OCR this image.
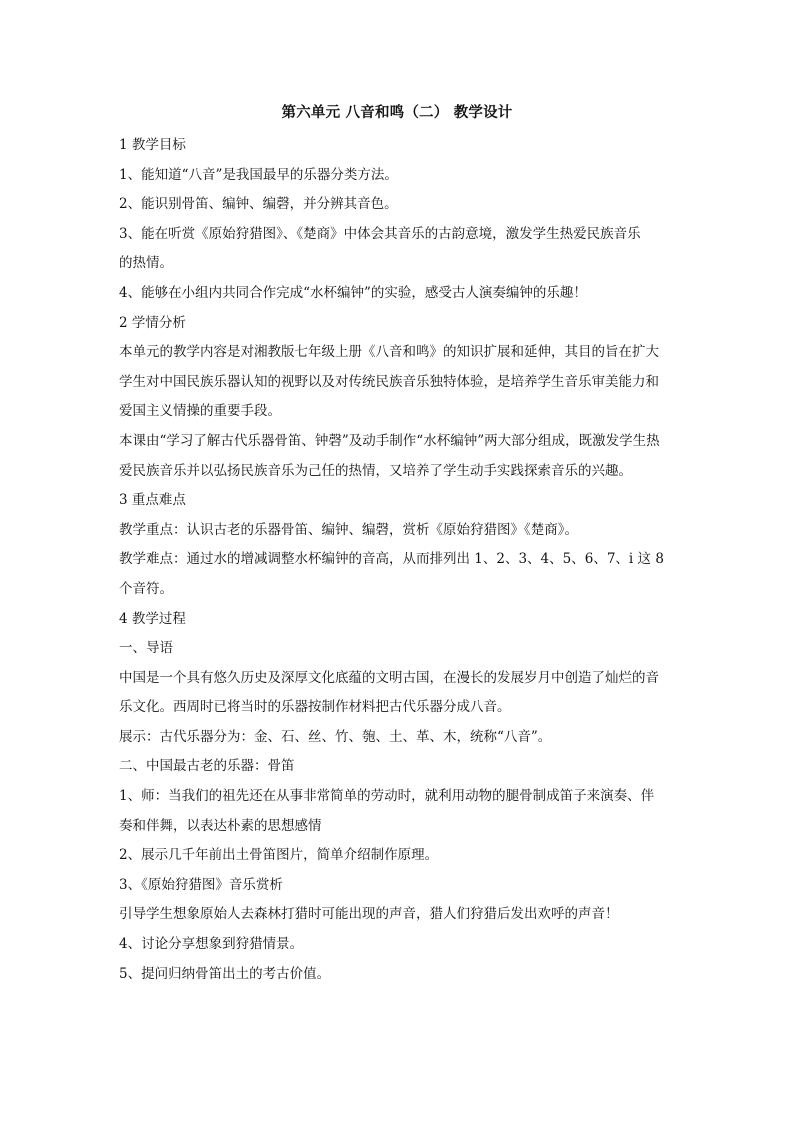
第六单元 八音和鸣（二） 教学设计
1 教学目标
1、能知道“八音”是我国最早的乐器分类方法。
2、能识别骨笛、编钟、编磬，并分辨其音色。
3、能在听赏《原始狩猎图》、《楚商》中体会其音乐的古韵意境，激发学生热爱民族音乐
的热情。
4、能够在小组内共同合作完成“水杯编钟”的实验，感受古人演奏编钟的乐趣！
2 学情分析
本单元的教学内容是对湘教版七年级上册《八音和鸣》的知识扩展和延伸，其目的旨在扩大
学生对中国民族乐器认知的视野以及对传统民族音乐独特体验，是培养学生音乐审美能力和
爱国主义情操的重要手段。
本课由“学习了解古代乐器骨笛、钟磬”及动手制作“水杯编钟”两大部分组成，既激发学生热
爱民族音乐并以弘扬民族音乐为己任的热情，又培养了学生动手实践探索音乐的兴趣。
3 重点难点
教学重点：认识古老的乐器骨笛、编钟、编磬，赏析《原始狩猎图》《楚商》。
教学难点：通过水的增减调整水杯编钟的音高，从而排列出 1、2、3、4、5、6、7、i 这 8
个音符。
4 教学过程
一、导语
中国是一个具有悠久历史及深厚文化底蕴的文明古国，在漫长的发展岁月中创造了灿烂的音
乐文化。西周时已将当时的乐器按制作材料把古代乐器分成八音。
展示：古代乐器分为：金、石、丝、竹、匏、土、革、木，统称“八音”。
二、中国最古老的乐器：骨笛
1、师：当我们的祖先还在从事非常简单的劳动时，就利用动物的腿骨制成笛子来演奏、伴
奏和伴舞，以表达朴素的思想感情
2、展示几千年前出土骨笛图片，简单介绍制作原理。
3、《原始狩猎图》音乐赏析
引导学生想象原始人去森林打猎时可能出现的声音，猎人们狩猎后发出欢呼的声音！
4、讨论分享想象到狩猎情景。
5、提问归纳骨笛出土的考古价值。
